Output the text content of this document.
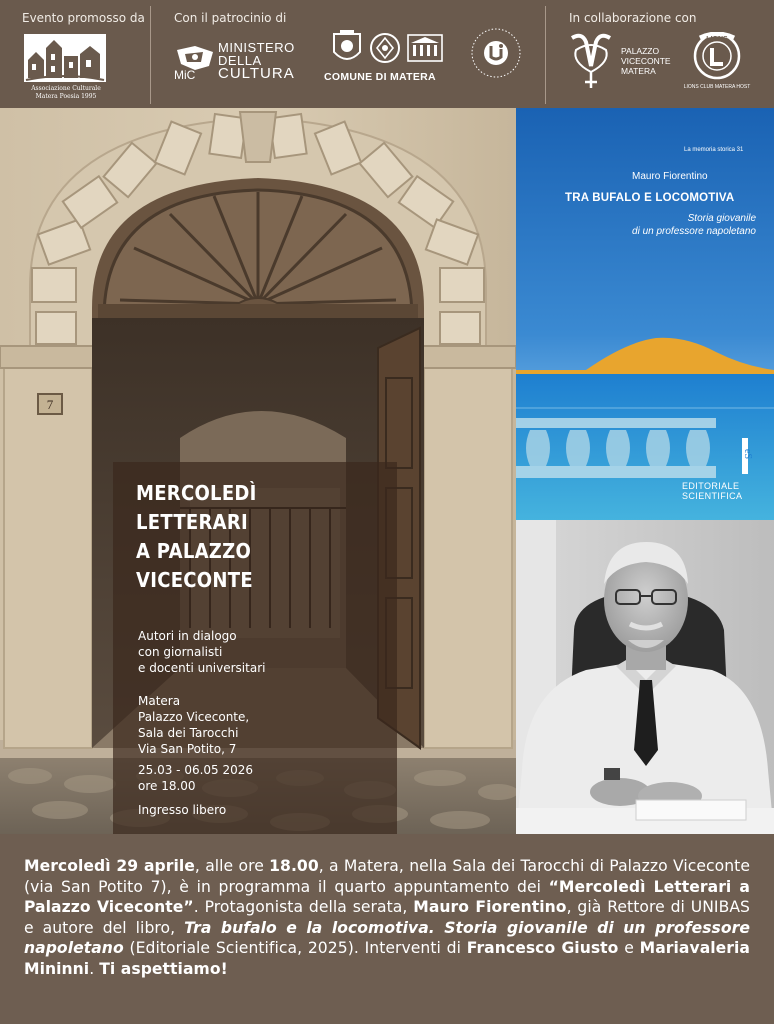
Evento promosso da Con il patrocinio di	In collaborazione con
Associazione Culturale
Matera Poesia 1995
MiC
MINISTERO
DELLA
CULTURA	COMUNE DI MATERA
PALAZZO
VICECONTE
MATERA
LIONS
LIONS CLUB MATERA HOST
7
MERCOLEDÌ
LETTERARI
A PALAZZO
VICECONTE
Autori in dialogo
con giornalisti
e docenti universitari
Matera
Palazzo Viceconte,
Sala dei Tarocchi
Via San Potito, 7
25.03 - 06.05 2026
ore 18.00
Ingresso libero
eS
La memoria storica 31
Mauro Fiorentino
TRA BUFALO E LOCOMOTIVA
Storia giovanile
di un professore napoletano
EDITORIALE
SCIENTIFICA
Mercoledì 29 aprile, alle ore 18.00, a Matera, nella Sala dei Tarocchi di Palazzo Viceconte (via San Potito 7), è in programma il quarto appuntamento dei “Mercoledì Letterari a Palazzo Viceconte”. Protagonista della serata, Mauro Fiorentino, già Rettore di UNIBAS e autore del libro, Tra bufalo e la locomotiva. Storia giovanile di un professore napoletano (Editoriale Scientifica, 2025). Interventi di Francesco Giusto e Mariavaleria Mininni. Ti aspettiamo!
